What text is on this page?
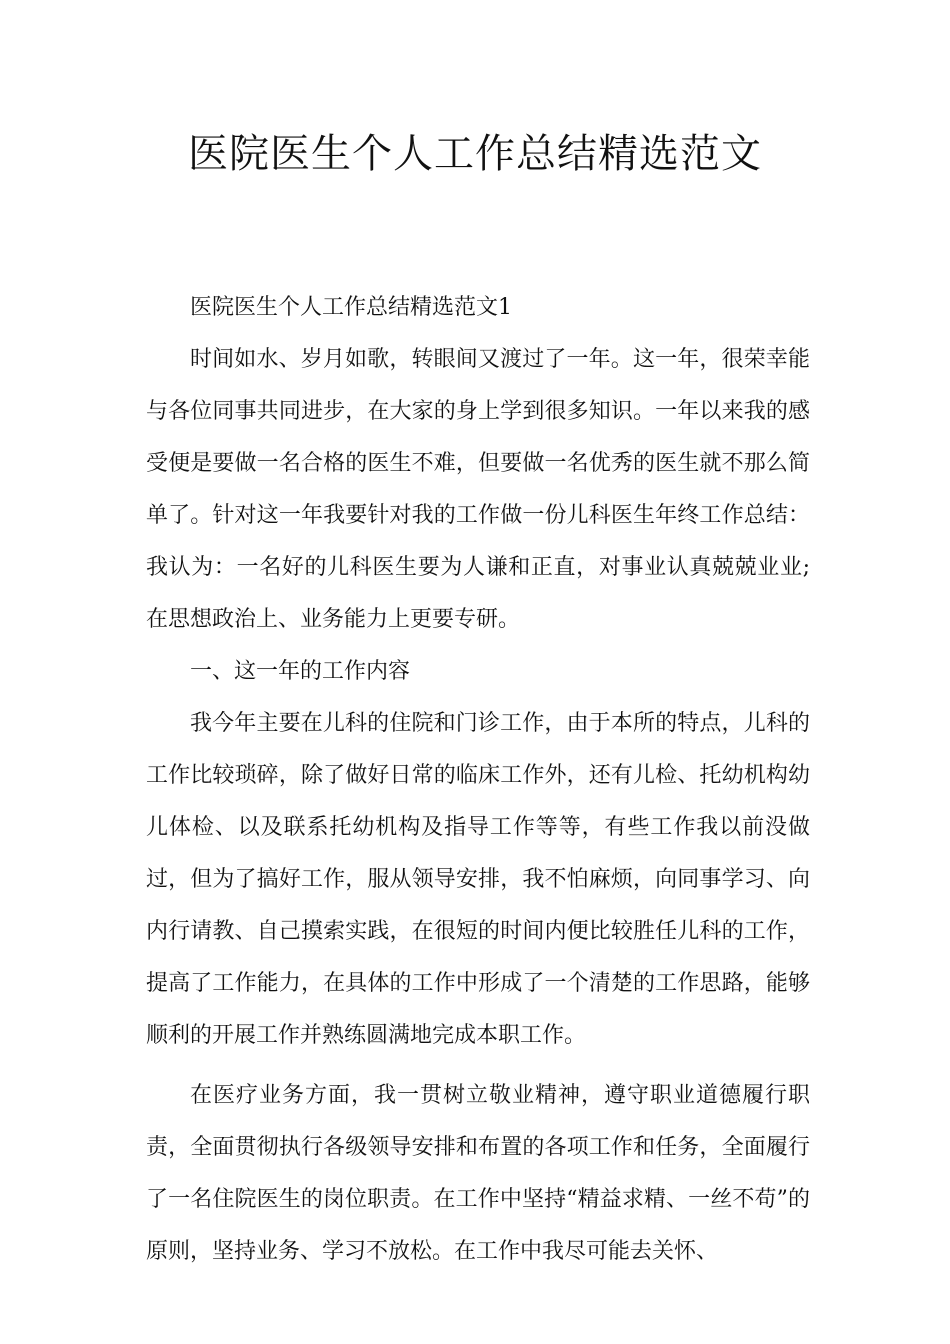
医院医生个人工作总结精选范文

医院医生个人工作总结精选范文1

时间如水、岁月如歌，转眼间又渡过了一年。这一年，很荣幸能与各位同事共同进步，在大家的身上学到很多知识。一年以来我的感受便是要做一名合格的医生不难，但要做一名优秀的医生就不那么简单了。针对这一年我要针对我的工作做一份儿科医生年终工作总结：我认为：一名好的儿科医生要为人谦和正直，对事业认真兢兢业业;在思想政治上、业务能力上更要专研。

一、这一年的工作内容

我今年主要在儿科的住院和门诊工作，由于本所的特点，儿科的工作比较琐碎，除了做好日常的临床工作外，还有儿检、托幼机构幼儿体检、以及联系托幼机构及指导工作等等，有些工作我以前没做过，但为了搞好工作，服从领导安排，我不怕麻烦，向同事学习、向内行请教、自己摸索实践，在很短的时间内便比较胜任儿科的工作，提高了工作能力，在具体的工作中形成了一个清楚的工作思路，能够顺利的开展工作并熟练圆满地完成本职工作。

在医疗业务方面，我一贯树立敬业精神，遵守职业道德履行职责，全面贯彻执行各级领导安排和布置的各项工作和任务，全面履行了一名住院医生的岗位职责。在工作中坚持“精益求精、一丝不苟”的原则，坚持业务、学习不放松。在工作中我尽可能去关怀、
